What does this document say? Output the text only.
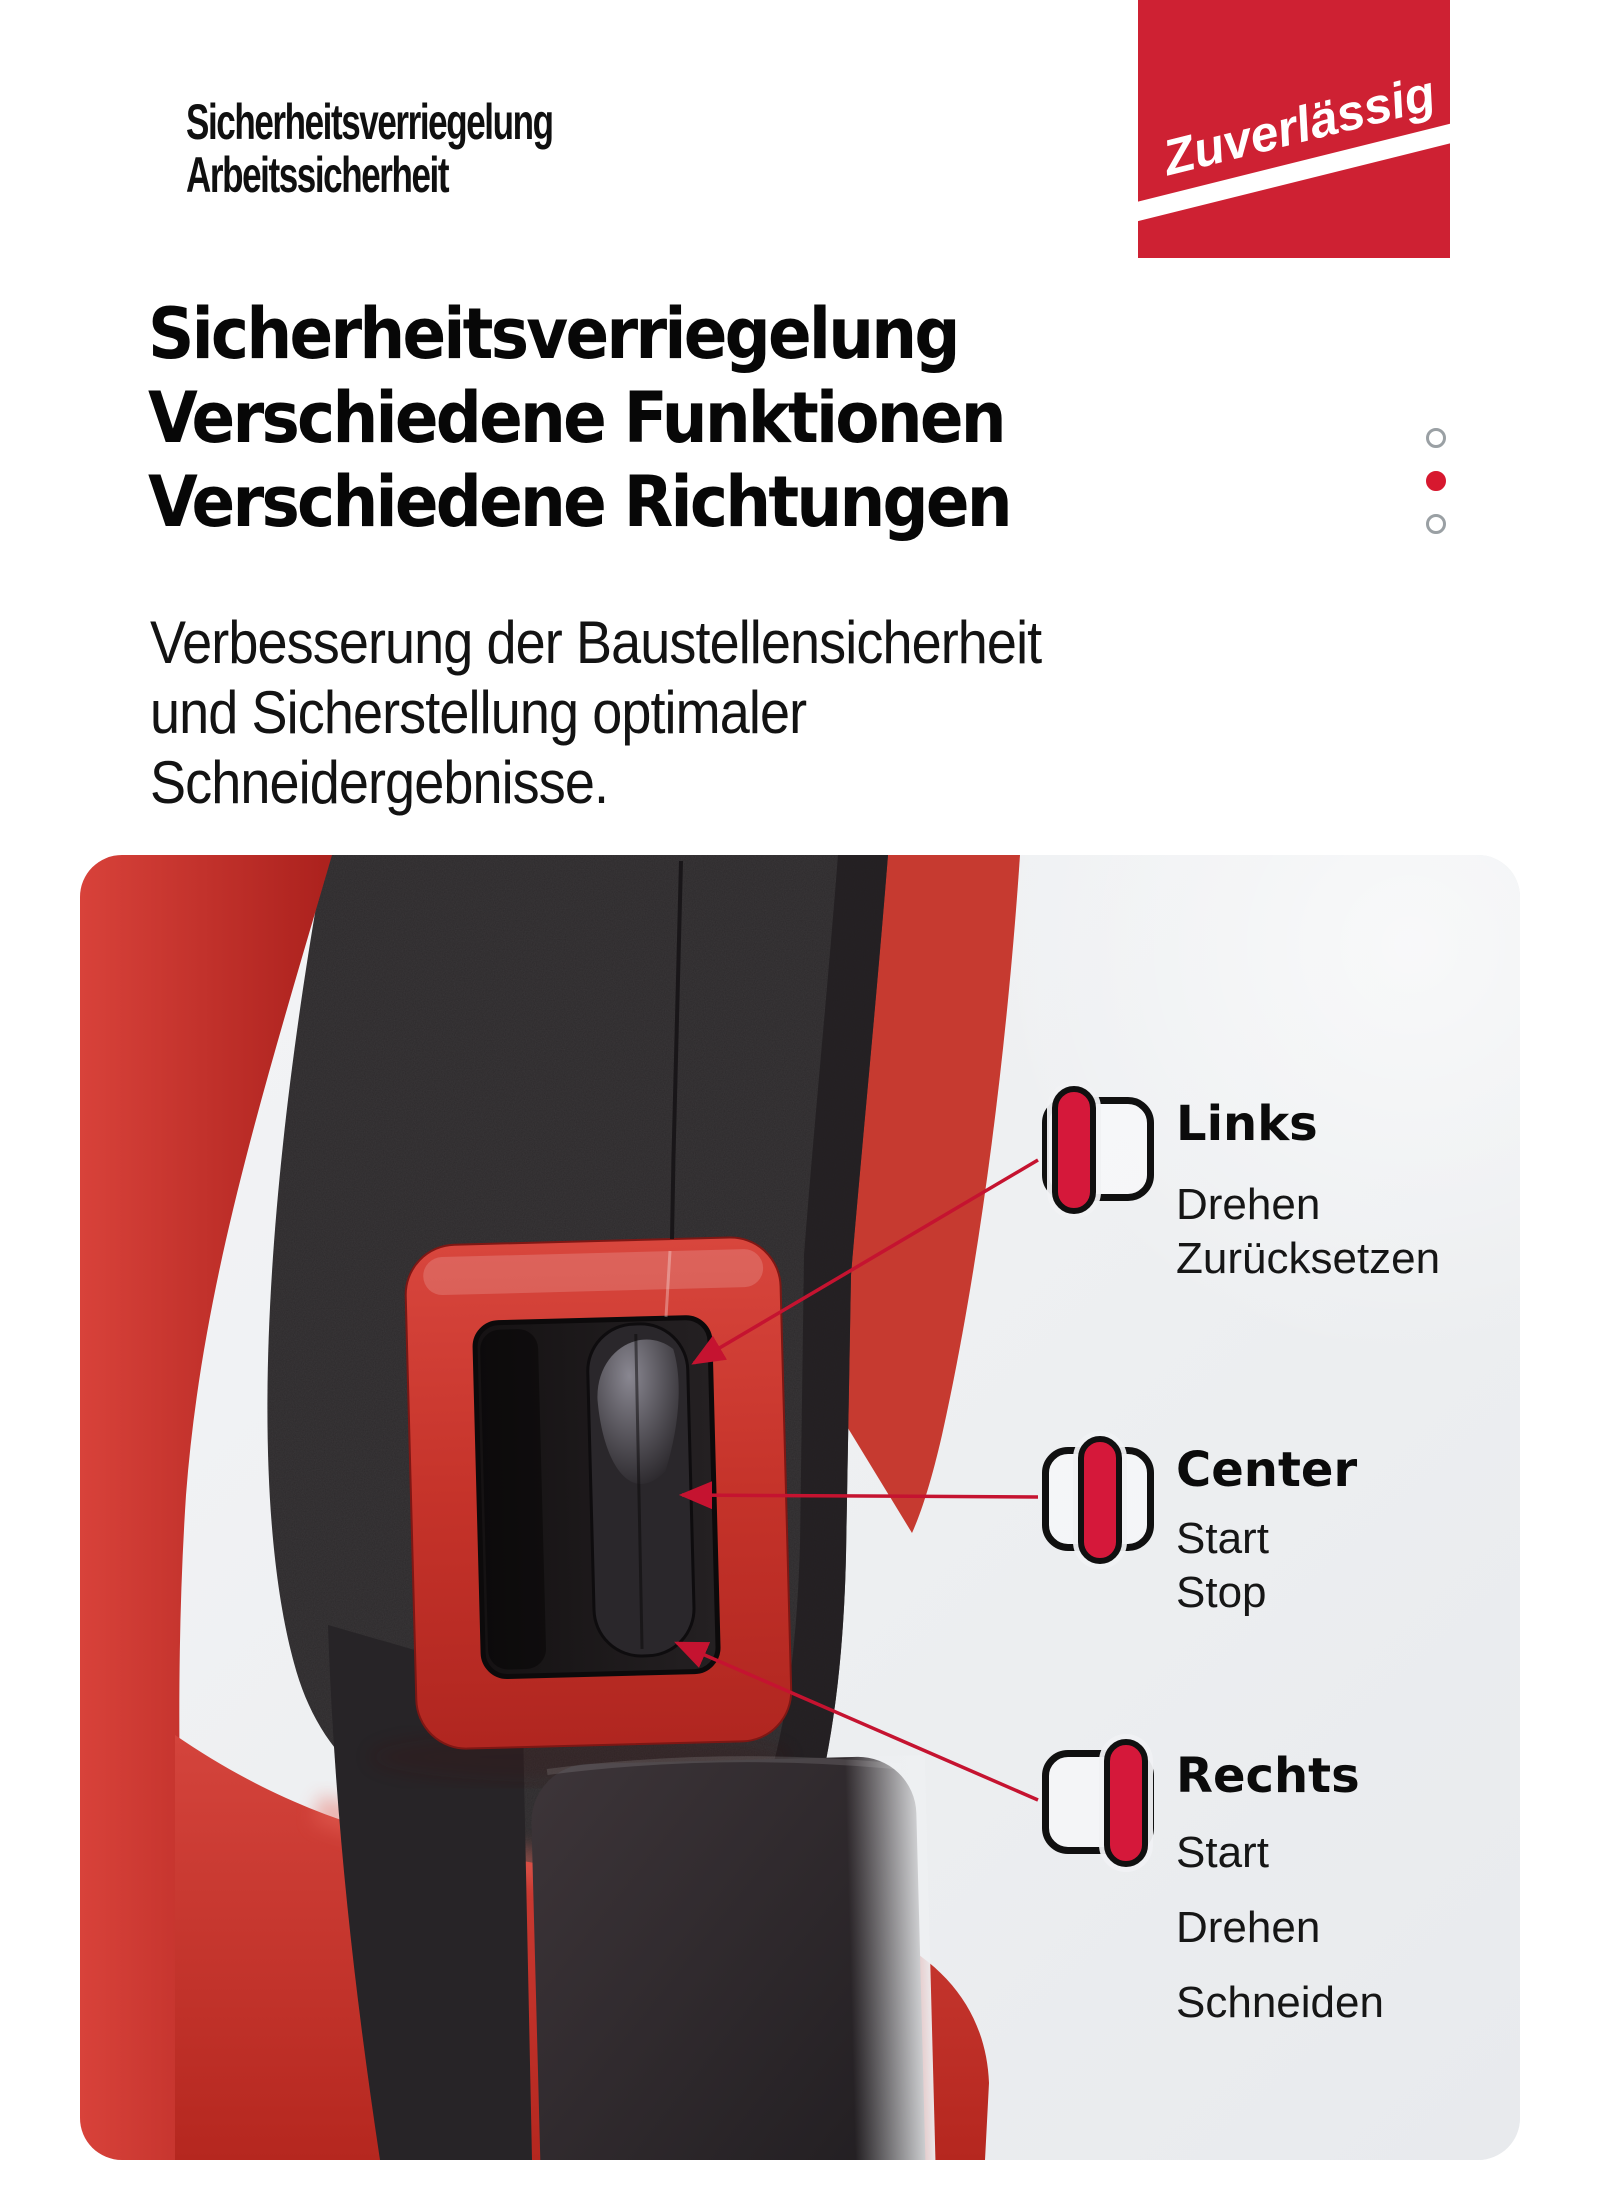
Sicherheitsverriegelung
Arbeitssicherheit	Zuverlässig
Sicherheitsverriegelung
Verschiedene Funktionen
Verschiedene Richtungen
Verbesserung der Baustellensicherheit
und Sicherstellung optimaler
Schneidergebnisse.
Links
Drehen
Zurücksetzen
Center
Start
Stop
Rechts
Start
Drehen
Schneiden
